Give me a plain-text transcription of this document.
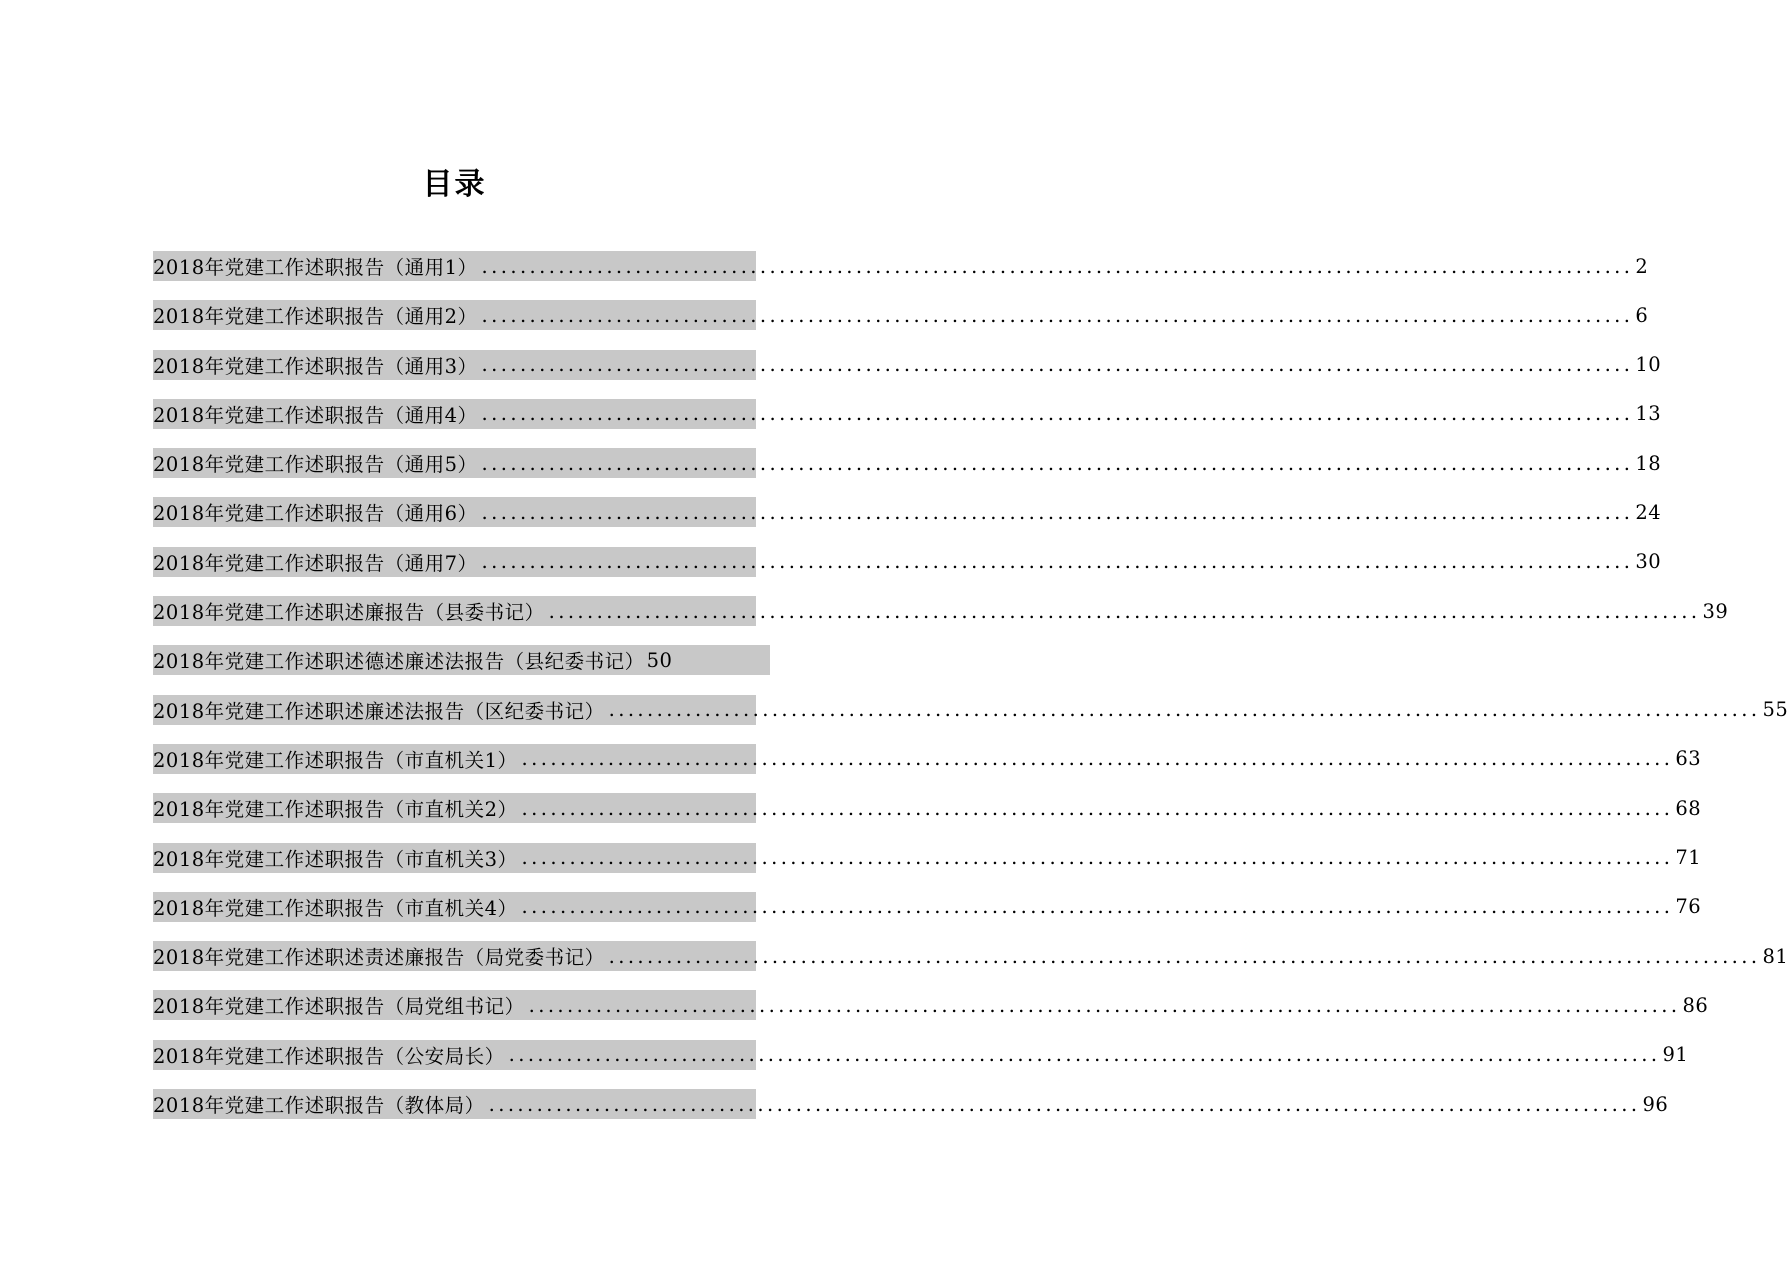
目录
2018年党建工作述职报告（通用1） ........................................................................................................................ 2
2018年党建工作述职报告（通用2） ........................................................................................................................ 6
2018年党建工作述职报告（通用3） ........................................................................................................................ 10
2018年党建工作述职报告（通用4） ........................................................................................................................ 13
2018年党建工作述职报告（通用5） ........................................................................................................................ 18
2018年党建工作述职报告（通用6） ........................................................................................................................ 24
2018年党建工作述职报告（通用7） ........................................................................................................................ 30
2018年党建工作述职述廉报告（县委书记） ........................................................................................................................ 39
2018年党建工作述职述德述廉述法报告（县纪委书记） 50
2018年党建工作述职述廉述法报告（区纪委书记） ........................................................................................................................ 55
2018年党建工作述职报告（市直机关1） ........................................................................................................................ 63
2018年党建工作述职报告（市直机关2） ........................................................................................................................ 68
2018年党建工作述职报告（市直机关3） ........................................................................................................................ 71
2018年党建工作述职报告（市直机关4） ........................................................................................................................ 76
2018年党建工作述职述责述廉报告（局党委书记） ........................................................................................................................ 81
2018年党建工作述职报告（局党组书记） ........................................................................................................................ 86
2018年党建工作述职报告（公安局长） ........................................................................................................................ 91
2018年党建工作述职报告（教体局） ........................................................................................................................ 96
